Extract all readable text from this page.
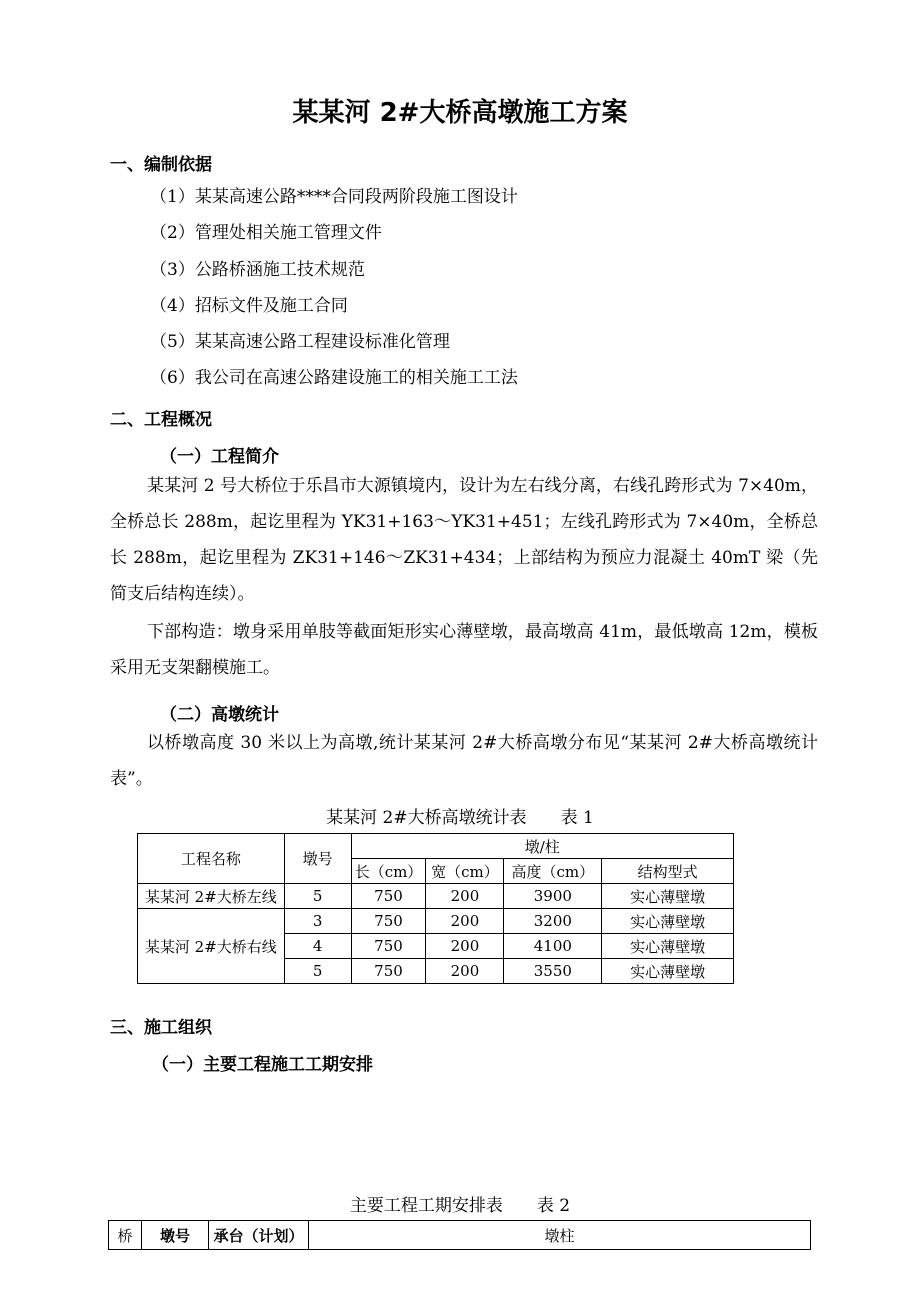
某某河 2#大桥高墩施工方案
一、编制依据
（1）某某高速公路****合同段两阶段施工图设计
（2）管理处相关施工管理文件
（3）公路桥涵施工技术规范
（4）招标文件及施工合同
（5）某某高速公路工程建设标准化管理
（6）我公司在高速公路建设施工的相关施工工法
二、工程概况
（一）工程简介
某某河 2 号大桥位于乐昌市大源镇境内，设计为左右线分离，右线孔跨形式为 7×40m，全桥总长 288m，起讫里程为 YK31+163～YK31+451；左线孔跨形式为 7×40m，全桥总长 288m，起讫里程为 ZK31+146～ZK31+434；上部结构为预应力混凝土 40mT 梁（先简支后结构连续）。
下部构造：墩身采用单肢等截面矩形实心薄壁墩，最高墩高 41m，最低墩高 12m，模板采用无支架翻模施工。
（二）高墩统计
以桥墩高度 30 米以上为高墩,统计某某河 2#大桥高墩分布见“某某河 2#大桥高墩统计表”。
某某河 2#大桥高墩统计表 表 1
工程名称	墩号	墩/柱			
		长（cm）	宽（cm）	高度（cm）	结构型式
某某河 2#大桥左线	5	750	200	3900	实心薄壁墩
某某河 2#大桥右线	3	750	200	3200	实心薄壁墩
	4	750	200	4100	实心薄壁墩
	5	750	200	3550	实心薄壁墩
三、施工组织
（一）主要工程施工工期安排
主要工程工期安排表 表 2
桥	墩号	承台（计划）	墩柱
